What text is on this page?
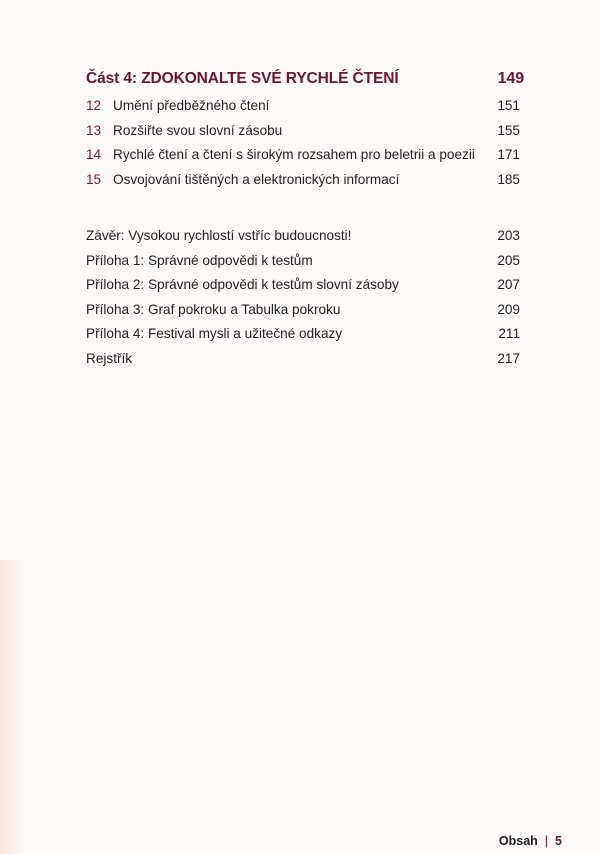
Část 4: ZDOKONALTE SVÉ RYCHLÉ ČTENÍ	149
12 Umění předběžného čtení	151
13 Rozšiřte svou slovní zásobu	155
14 Rychlé čtení a čtení s širokým rozsahem pro beletrii a poezii	171
15 Osvojování tištěných a elektronických informací	185
Závěr: Vysokou rychlostí vstříc budoucnosti!	203
Příloha 1: Správné odpovědi k testům	205
Příloha 2: Správné odpovědi k testům slovní zásoby	207
Příloha 3: Graf pokroku a Tabulka pokroku	209
Příloha 4: Festival mysli a užitečné odkazy	211
Rejstřík	217
Obsah | 5
